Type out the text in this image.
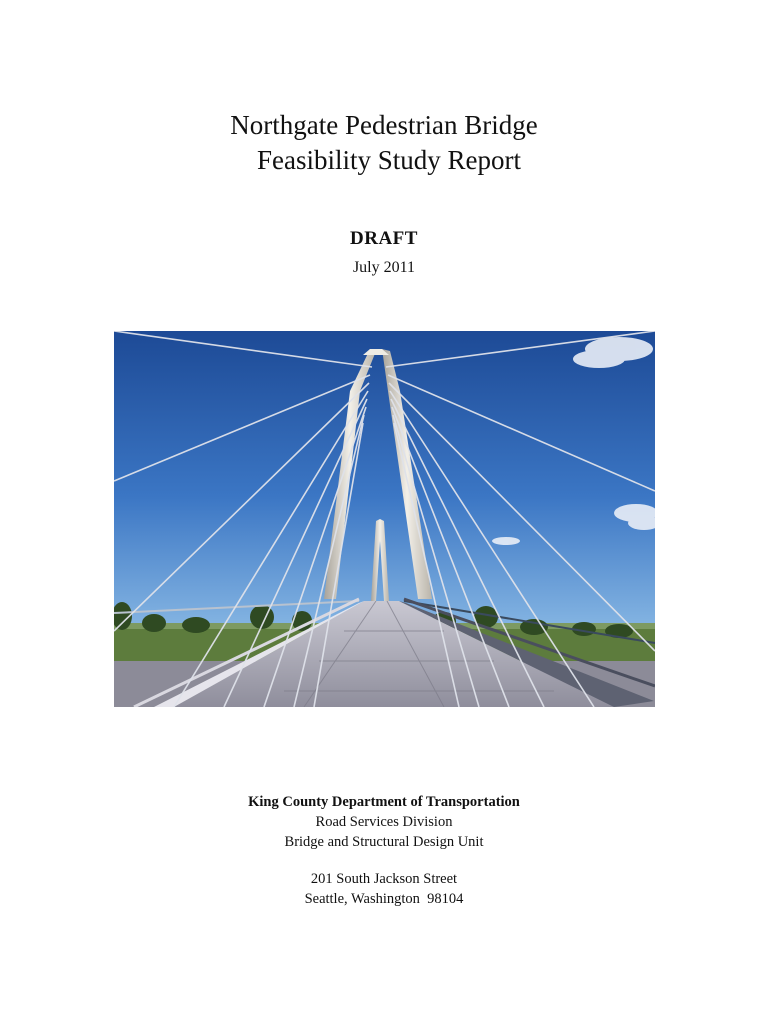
Northgate Pedestrian Bridge

Feasibility Study Report

DRAFT
July 2011
King County Department of Transportation
Road Services Division
Bridge and Structural Design Unit
201 South Jackson Street
Seattle, Washington  98104
